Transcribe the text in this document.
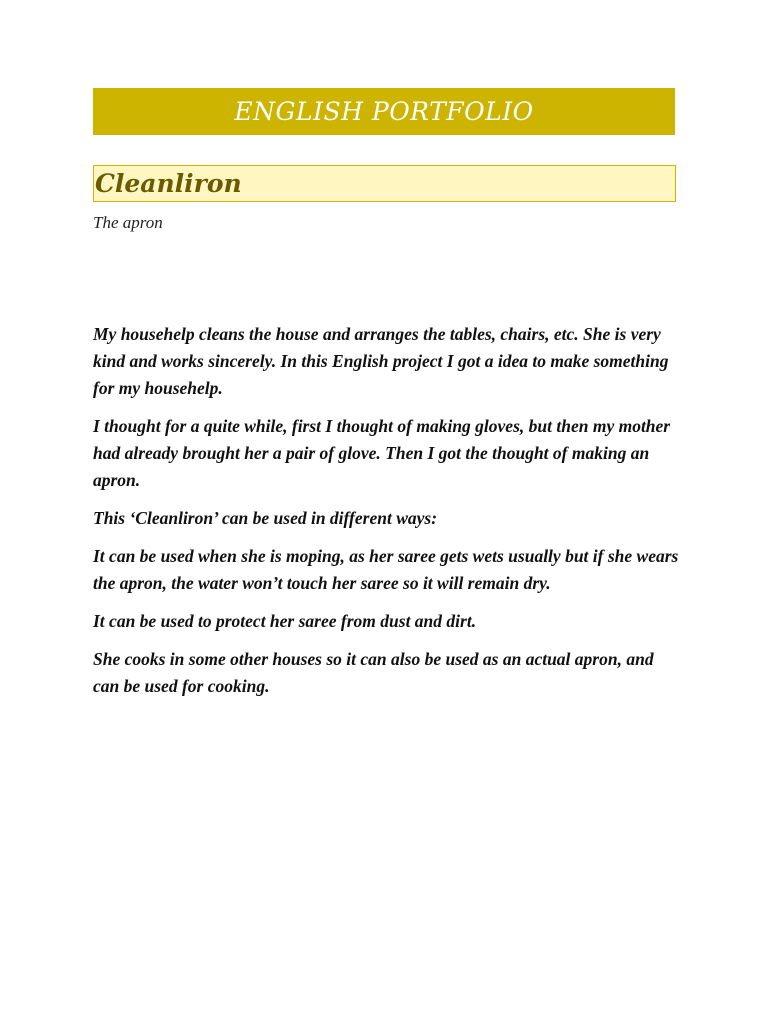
ENGLISH PORTFOLIO
Cleanliron
The apron

My househelp cleans the house and arranges the tables, chairs, etc. She is very kind and works sincerely. In this English project I got a idea to make something for my househelp.

I thought for a quite while, first I thought of making gloves, but then my mother had already brought her a pair of glove. Then I got the thought of making an apron.

This ‘Cleanliron’ can be used in different ways:

It can be used when she is moping, as her saree gets wets usually but if she wears the apron, the water won’t touch her saree so it will remain dry.

It can be used to protect her saree from dust and dirt.

She cooks in some other houses so it can also be used as an actual apron, and can be used for cooking.
